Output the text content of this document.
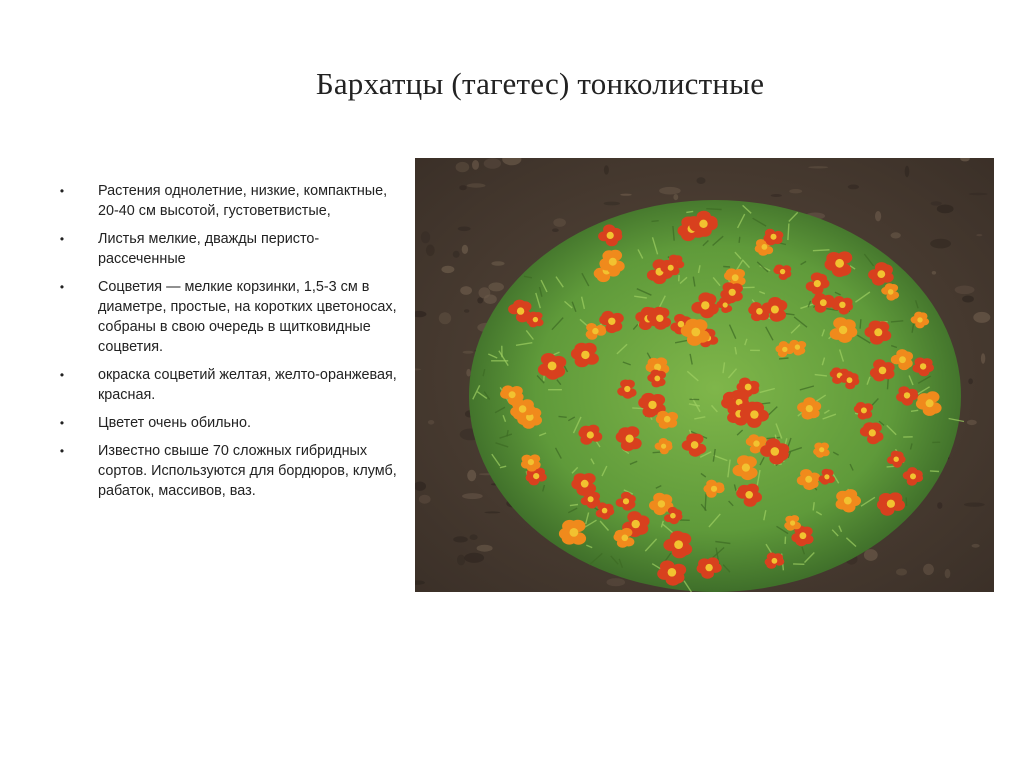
Бархатцы (тагетес) тонколистные
• Растения однолетние, низкие, компактные, 20-40 см высотой, густоветвистые,
• Листья мелкие, дважды перисто-рассеченные
• Соцветия — мелкие корзинки, 1,5-3 см в диаметре, простые, на коротких цветоносах, собраны в свою очередь в щитковидные соцветия.
• окраска соцветий желтая, желто-оранжевая, красная.
• Цветет очень обильно.
• Известно свыше 70 сложных гибридных сортов. Используются для бордюров, клумб, рабаток, массивов, ваз.
